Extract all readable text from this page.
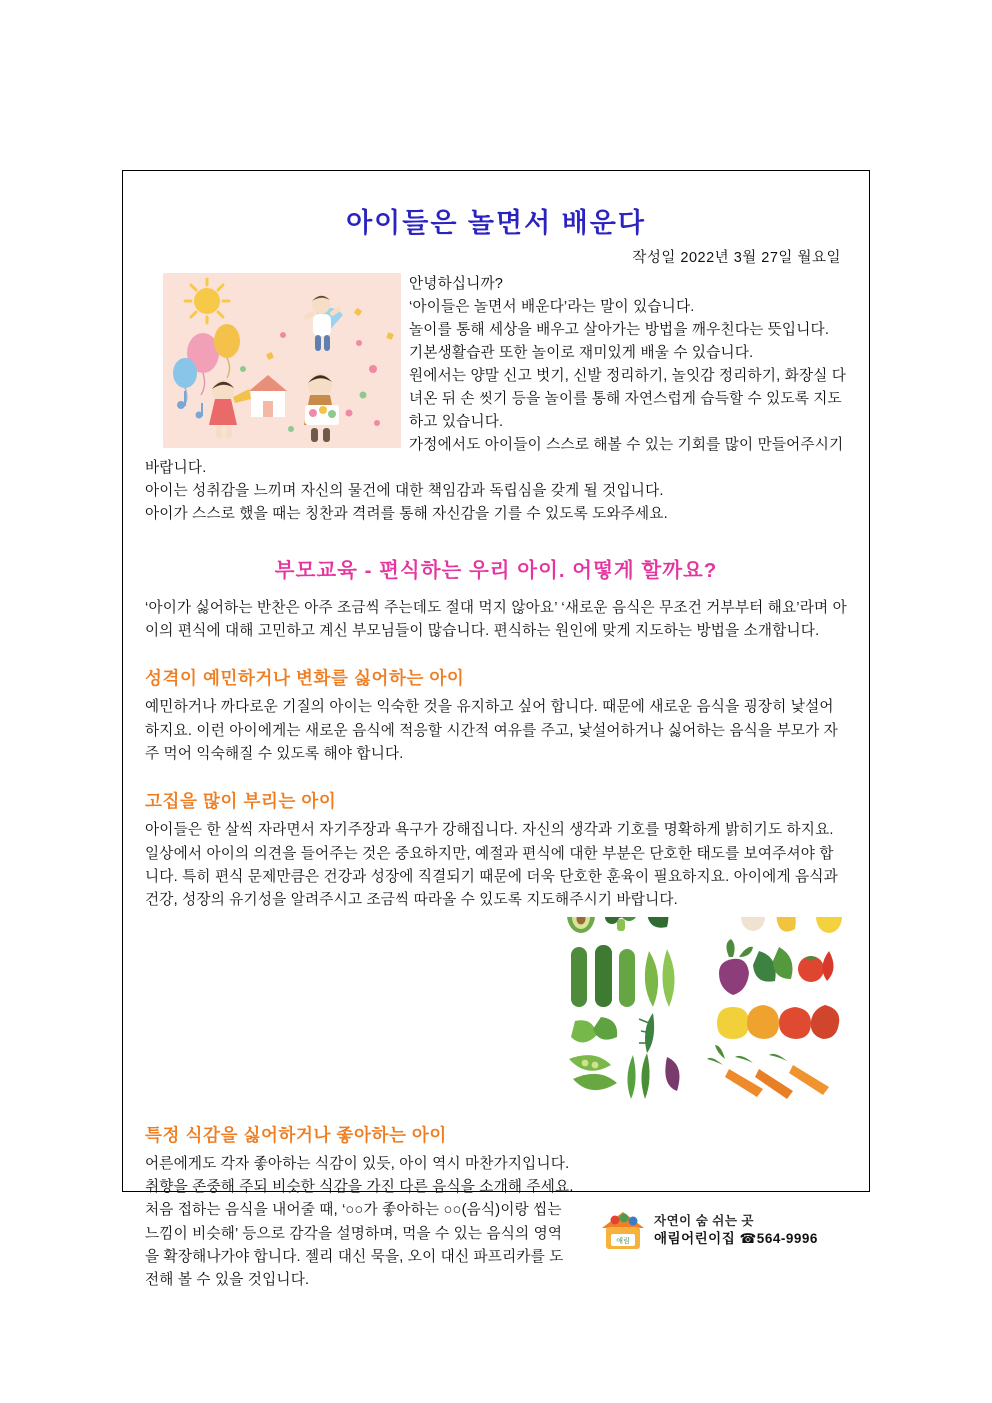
아이들은 놀면서 배운다
작성일 2022년 3월 27일 월요일

안녕하십니까?

‘아이들은 놀면서 배운다’라는 말이 있습니다.

놀이를 통해 세상을 배우고 살아가는 방법을 깨우친다는 뜻입니다.

기본생활습관 또한 놀이로 재미있게 배울 수 있습니다.

원에서는 양말 신고 벗기, 신발 정리하기, 놀잇감 정리하기, 화장실 다녀온 뒤 손 씻기 등을 놀이를 통해 자연스럽게 습득할 수 있도록 지도하고 있습니다.

가정에서도 아이들이 스스로 해볼 수 있는 기회를 많이 만들어주시기 바랍니다.

아이는 성취감을 느끼며 자신의 물건에 대한 책임감과 독립심을 갖게 될 것입니다.

아이가 스스로 했을 때는 칭찬과 격려를 통해 자신감을 기를 수 있도록 도와주세요.

부모교육 - 편식하는 우리 아이. 어떻게 할까요?

‘아이가 싫어하는 반찬은 아주 조금씩 주는데도 절대 먹지 않아요’ ‘새로운 음식은 무조건 거부부터 해요’라며 아이의 편식에 대해 고민하고 계신 부모님들이 많습니다. 편식하는 원인에 맞게 지도하는 방법을 소개합니다.

성격이 예민하거나 변화를 싫어하는 아이

예민하거나 까다로운 기질의 아이는 익숙한 것을 유지하고 싶어 합니다. 때문에 새로운 음식을 굉장히 낯설어하지요. 이런 아이에게는 새로운 음식에 적응할 시간적 여유를 주고, 낯설어하거나 싫어하는 음식을 부모가 자주 먹어 익숙해질 수 있도록 해야 합니다.

고집을 많이 부리는 아이

아이들은 한 살씩 자라면서 자기주장과 욕구가 강해집니다. 자신의 생각과 기호를 명확하게 밝히기도 하지요. 일상에서 아이의 의견을 들어주는 것은 중요하지만, 예절과 편식에 대한 부분은 단호한 태도를 보여주셔야 합니다. 특히 편식 문제만큼은 건강과 성장에 직결되기 때문에 더욱 단호한 훈육이 필요하지요. 아이에게 음식과 건강, 성장의 유기성을 알려주시고 조금씩 따라올 수 있도록 지도해주시기 바랍니다.

특정 식감을 싫어하거나 좋아하는 아이

어른에게도 각자 좋아하는 식감이 있듯, 아이 역시 마찬가지입니다. 취향을 존중해 주되 비슷한 식감을 가진 다른 음식을 소개해 주세요. 처음 접하는 음식을 내어줄 때, ‘○○가 좋아하는 ○○(음식)이랑 씹는 느낌이 비슷해’ 등으로 감각을 설명하며, 먹을 수 있는 음식의 영역을 확장해나가야 합니다. 젤리 대신 묵을, 오이 대신 파프리카를 도전해 볼 수 있을 것입니다.

애림
자연이 숨 쉬는 곳
애림어린이집 ☎564-9996
